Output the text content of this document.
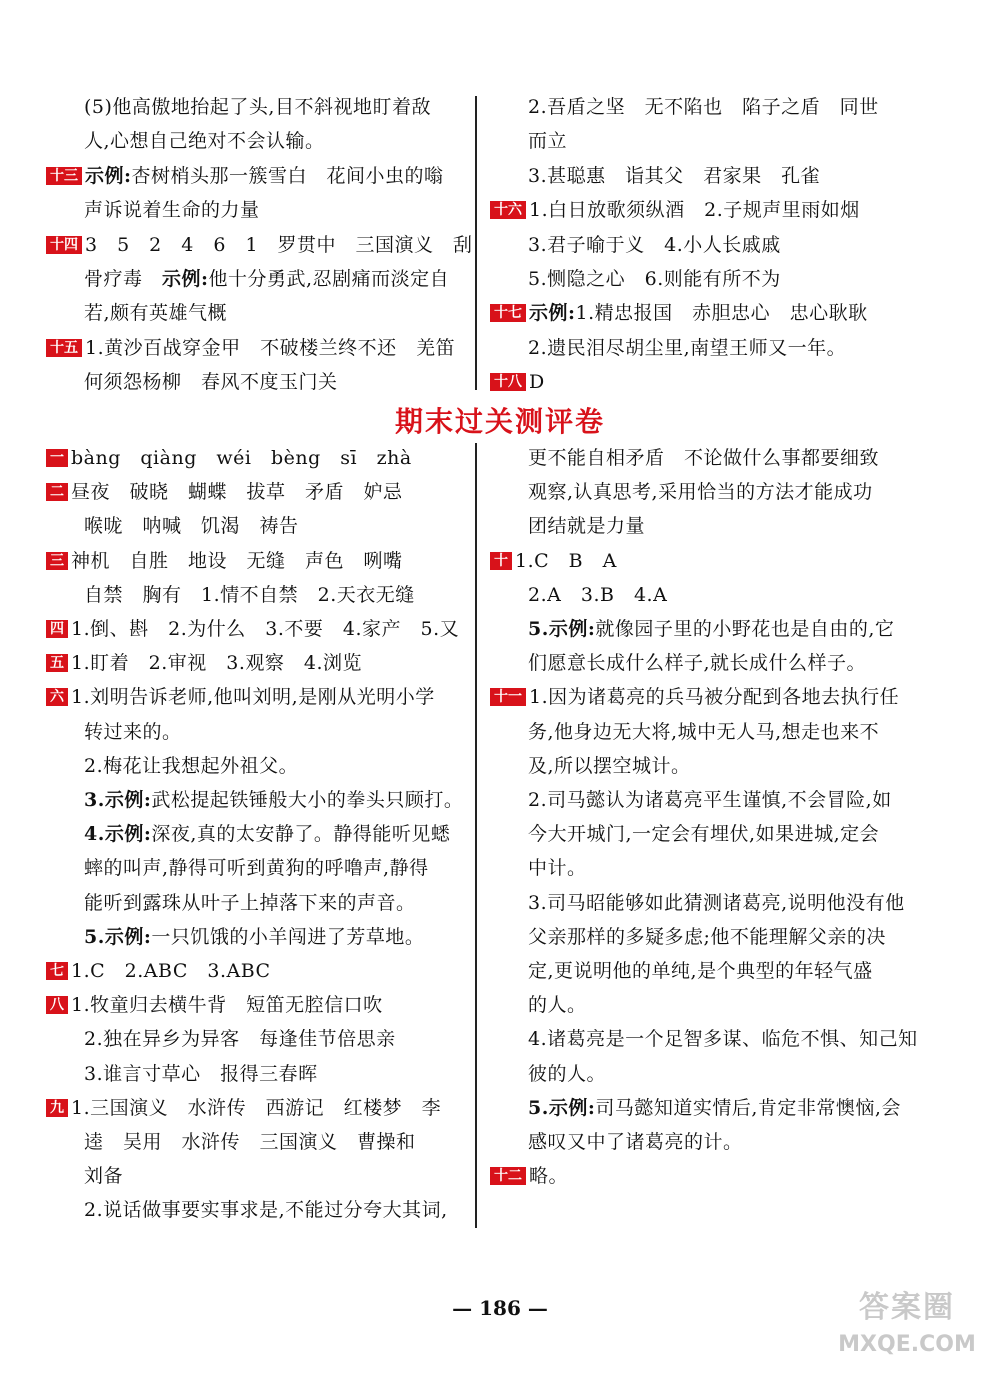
期末过关测评卷
— 186 —	答案圈
MXQE.COM
(5)他高傲地抬起了头,目不斜视地盯着敌
人,心想自己绝对不会认输。
十三 示例:杏树梢头那一簇雪白　花间小虫的嗡
声诉说着生命的力量
十四 3　5　2　4　6　1　罗贯中　三国演义　刮
骨疗毒　示例:他十分勇武,忍剧痛而淡定自
若,颇有英雄气概
十五 1.黄沙百战穿金甲　不破楼兰终不还　羌笛
何须怨杨柳　春风不度玉门关
2.吾盾之坚　无不陷也　陷子之盾　同世
而立
3.甚聪惠　诣其父　君家果　孔雀
十六 1.白日放歌须纵酒　2.子规声里雨如烟
3.君子喻于义　4.小人长戚戚
5.恻隐之心　6.则能有所不为
十七 示例:1.精忠报国　赤胆忠心　忠心耿耿
2.遗民泪尽胡尘里,南望王师又一年。
十八 D
一 bàng　qiàng　wéi　bèng　sī　zhà
二 昼夜　破晓　蝴蝶　拔草　矛盾　妒忌
喉咙　呐喊　饥渴　祷告
三 神机　自胜　地设　无缝　声色　咧嘴
自禁　胸有　1.情不自禁　2.天衣无缝
四 1.倒、斟　2.为什么　3.不要　4.家产　5.又
五 1.盯着　2.审视　3.观察　4.浏览
六 1.刘明告诉老师,他叫刘明,是刚从光明小学
转过来的。
2.梅花让我想起外祖父。
3.示例:武松提起铁锤般大小的拳头只顾打。
4.示例:深夜,真的太安静了。静得能听见蟋
蟀的叫声,静得可听到黄狗的呼噜声,静得
能听到露珠从叶子上掉落下来的声音。
5.示例:一只饥饿的小羊闯进了芳草地。
七 1.C　2.ABC　3.ABC
八 1.牧童归去横牛背　短笛无腔信口吹
2.独在异乡为异客　每逢佳节倍思亲
3.谁言寸草心　报得三春晖
九 1.三国演义　水浒传　西游记　红楼梦　李
逵　吴用　水浒传　三国演义　曹操和
刘备
2.说话做事要实事求是,不能过分夸大其词,
更不能自相矛盾　不论做什么事都要细致
观察,认真思考,采用恰当的方法才能成功
团结就是力量
十 1.C　B　A
2.A　3.B　4.A
5.示例:就像园子里的小野花也是自由的,它
们愿意长成什么样子,就长成什么样子。
十一 1.因为诸葛亮的兵马被分配到各地去执行任
务,他身边无大将,城中无人马,想走也来不
及,所以摆空城计。
2.司马懿认为诸葛亮平生谨慎,不会冒险,如
今大开城门,一定会有埋伏,如果进城,定会
中计。
3.司马昭能够如此猜测诸葛亮,说明他没有他
父亲那样的多疑多虑;他不能理解父亲的决
定,更说明他的单纯,是个典型的年轻气盛
的人。
4.诸葛亮是一个足智多谋、临危不惧、知己知
彼的人。
5.示例:司马懿知道实情后,肯定非常懊恼,会
感叹又中了诸葛亮的计。
十二 略。
